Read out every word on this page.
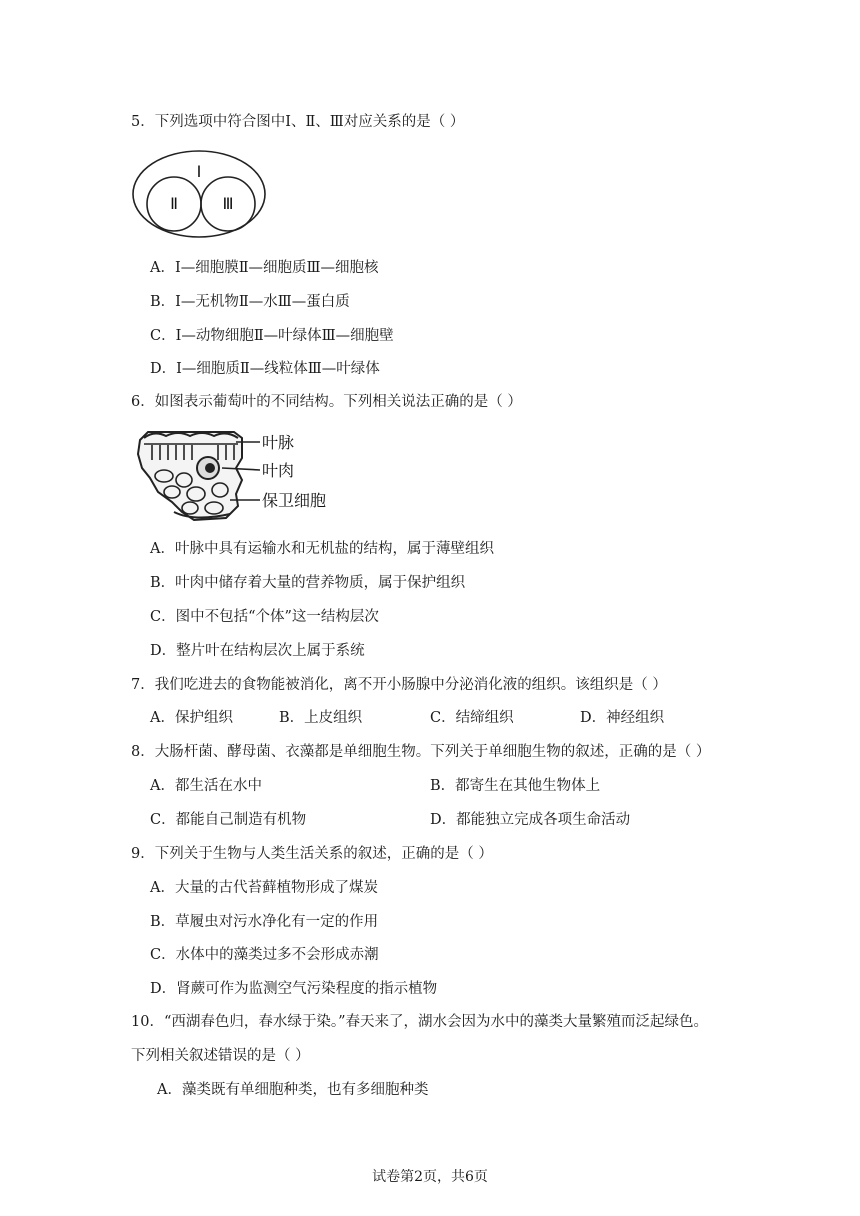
5．下列选项中符合图中Ⅰ、Ⅱ、Ⅲ对应关系的是（ ）
Ⅰ
Ⅱ	Ⅲ
A．Ⅰ—细胞膜Ⅱ—细胞质Ⅲ—细胞核
B．Ⅰ—无机物Ⅱ—水Ⅲ—蛋白质
C．Ⅰ—动物细胞Ⅱ—叶绿体Ⅲ—细胞壁
D．Ⅰ—细胞质Ⅱ—线粒体Ⅲ—叶绿体
6．如图表示葡萄叶的不同结构。下列相关说法正确的是（ ）
叶脉
叶肉
保卫细胞
A．叶脉中具有运输水和无机盐的结构，属于薄壁组织
B．叶肉中储存着大量的营养物质，属于保护组织
C．图中不包括“个体”这一结构层次
D．整片叶在结构层次上属于系统
7．我们吃进去的食物能被消化，离不开小肠腺中分泌消化液的组织。该组织是（ ）
A．保护组织	B．上皮组织	C．结缔组织	D．神经组织
8．大肠杆菌、酵母菌、衣藻都是单细胞生物。下列关于单细胞生物的叙述，正确的是（ ）
A．都生活在水中	B．都寄生在其他生物体上
C．都能自己制造有机物	D．都能独立完成各项生命活动
9．下列关于生物与人类生活关系的叙述，正确的是（ ）
A．大量的古代苔藓植物形成了煤炭
B．草履虫对污水净化有一定的作用
C．水体中的藻类过多不会形成赤潮
D．肾蕨可作为监测空气污染程度的指示植物
10．“西湖春色归，春水绿于染。”春天来了，湖水会因为水中的藻类大量繁殖而泛起绿色。
下列相关叙述错误的是（ ）
A．藻类既有单细胞种类，也有多细胞种类
试卷第2页，共6页
